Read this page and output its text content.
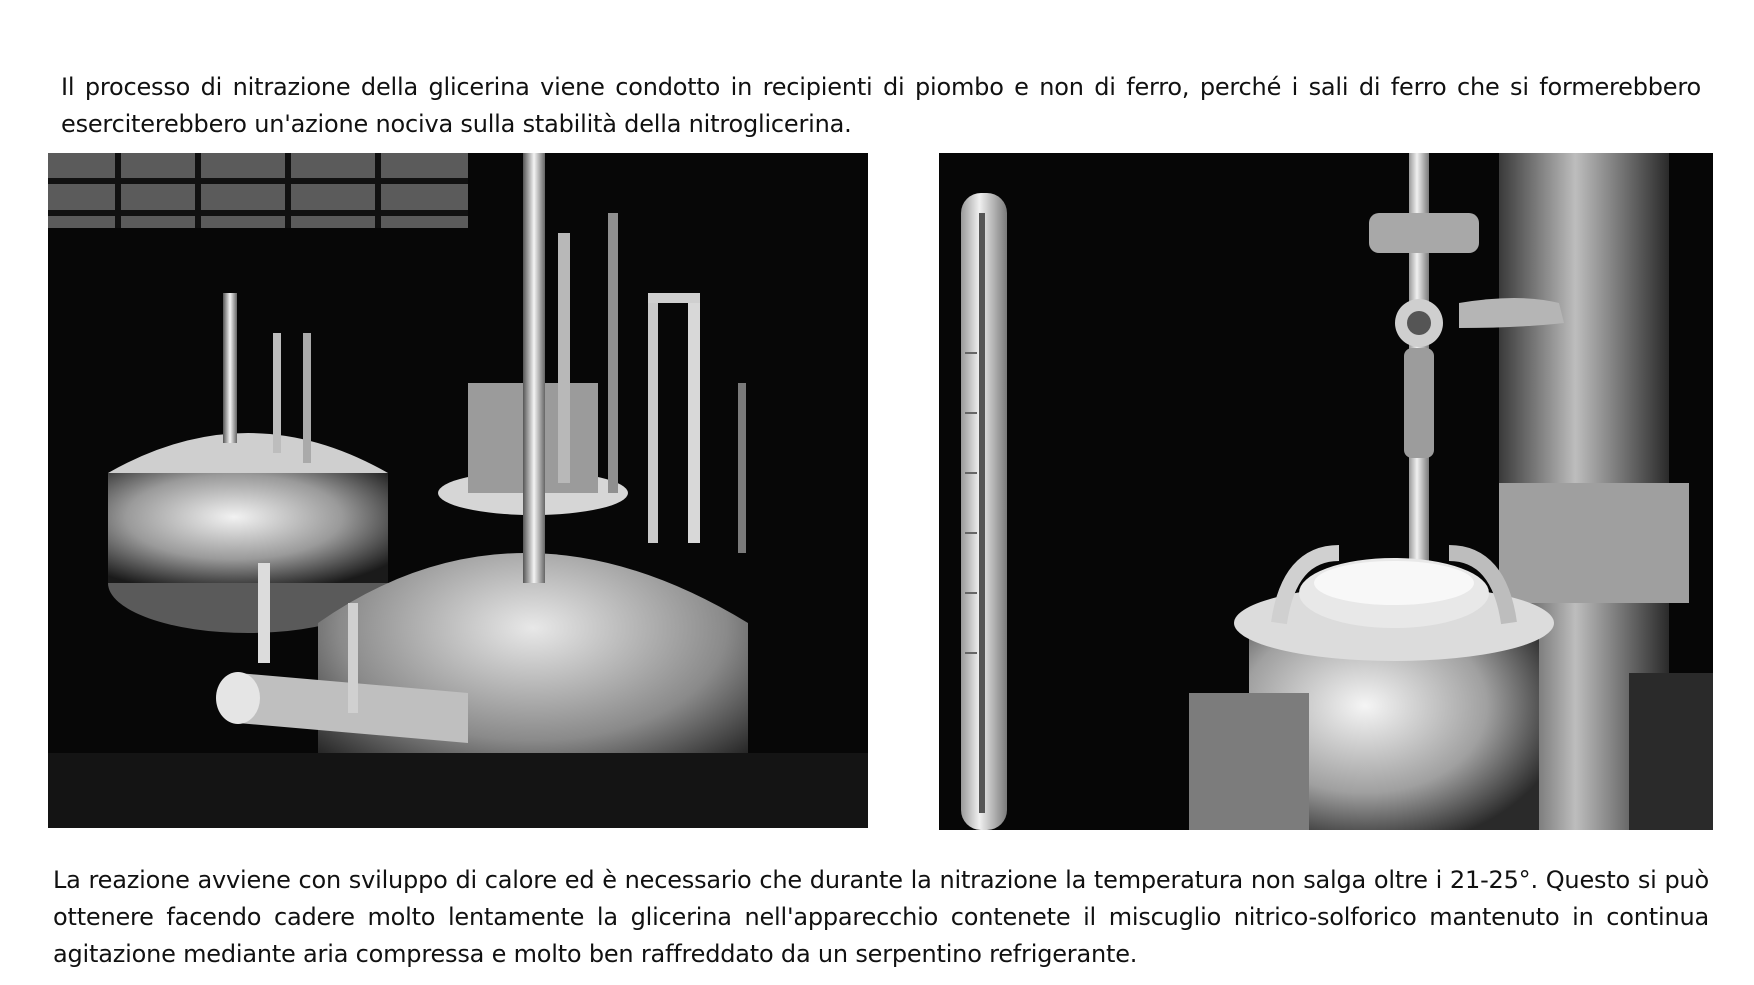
Il processo di nitrazione della glicerina viene condotto in recipienti di piombo e non di ferro, perché i sali di ferro che si formerebbero eserciterebbero un'azione nociva sulla stabilità della nitroglicerina.

La reazione avviene con sviluppo di calore ed è necessario che durante la nitrazione la temperatura non salga oltre i 21-25°. Questo si può ottenere facendo cadere molto lentamente la glicerina nell'apparecchio contenete il miscuglio nitrico-solforico mantenuto in continua agitazione mediante aria compressa e molto ben raffreddato da un serpentino refrigerante.
